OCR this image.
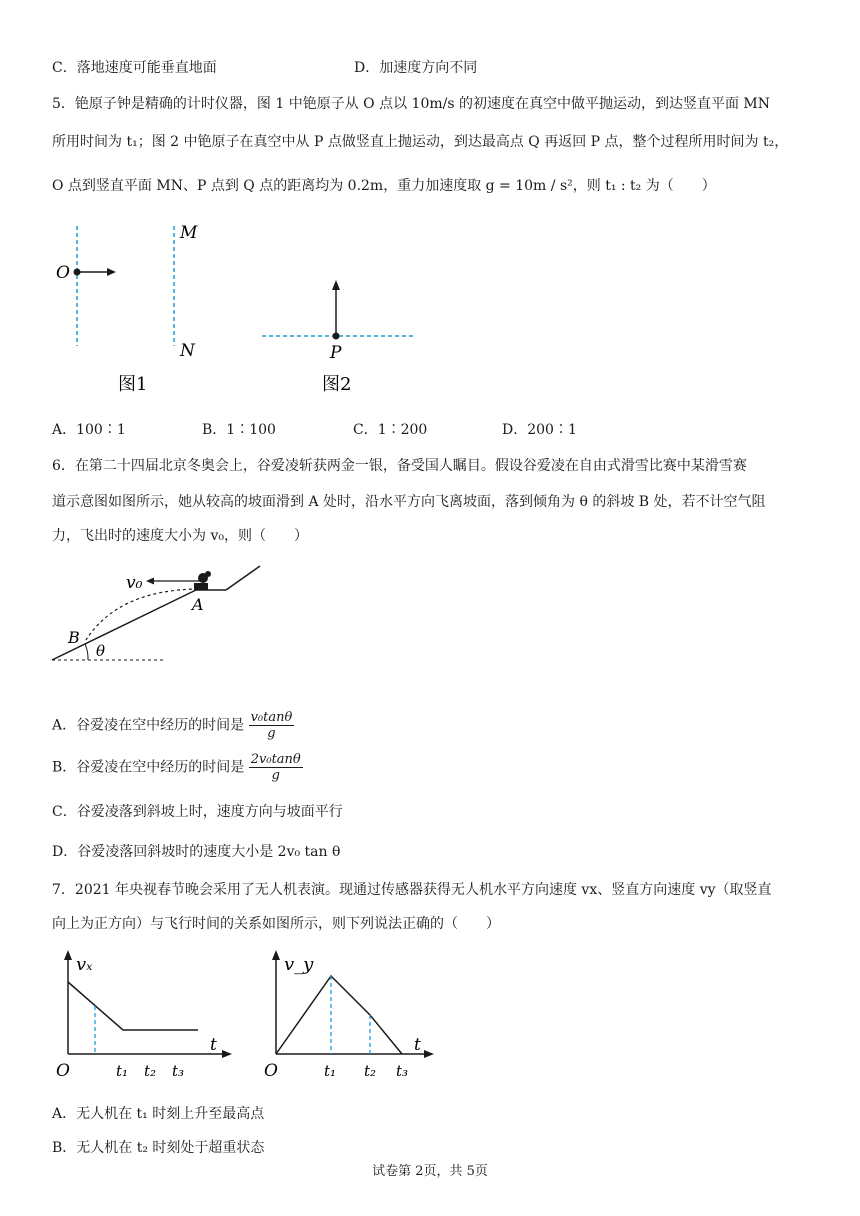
C．落地速度可能垂直地面	D．加速度方向不同
5．铯原子钟是精确的计时仪器，图 1 中铯原子从 O 点以 10m/s 的初速度在真空中做平抛运动，到达竖直平面 MN
所用时间为 t₁；图 2 中铯原子在真空中从 P 点做竖直上抛运动，到达最高点 Q 再返回 P 点，整个过程所用时间为 t₂，
O 点到竖直平面 MN、P 点到 Q 点的距离均为 0.2m，重力加速度取 g = 10m / s²，则 t₁ : t₂ 为（　　）
O
M
N
图1
P
图2
A．100∶1	B．1∶100	C．1∶200	D．200∶1
6．在第二十四届北京冬奥会上，谷爱凌斩获两金一银，备受国人瞩目。假设谷爱凌在自由式滑雪比赛中某滑雪赛
道示意图如图所示，她从较高的坡面滑到 A 处时，沿水平方向飞离坡面，落到倾角为 θ 的斜坡 B 处，若不计空气阻
力，飞出时的速度大小为 v₀，则（　　）
v₀
A
B
θ
A．谷爱凌在空中经历的时间是 $\frac{\text{v₀tanθ}}{g}$
B．谷爱凌在空中经历的时间是 $\frac{\text{2v₀tanθ}}{g}$
C．谷爱凌落到斜坡上时，速度方向与坡面平行
D．谷爱凌落回斜坡时的速度大小是 2v₀ tan θ
7．2021 年央视春节晚会采用了无人机表演。现通过传感器获得无人机水平方向速度 vx、竖直方向速度 vy（取竖直
向上为正方向）与飞行时间的关系如图所示，则下列说法正确的（　　）
vₓ
t
O	t₁ t₂ t₃
v_y
t
O	t₁ t₂ t₃
A．无人机在 t₁ 时刻上升至最高点
B．无人机在 t₂ 时刻处于超重状态
试卷第 2页，共 5页
